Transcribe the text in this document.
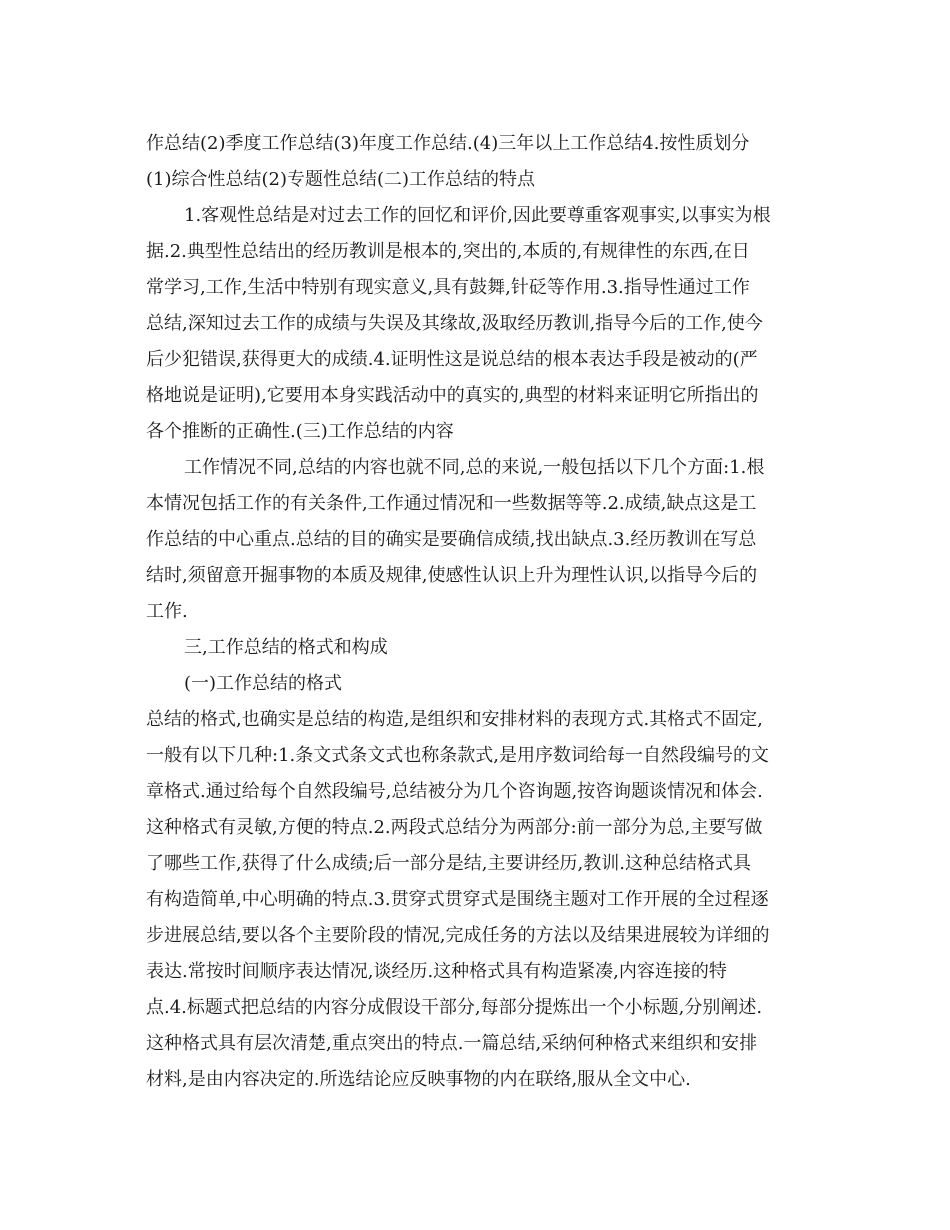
作总结(2)季度工作总结(3)年度工作总结.(4)三年以上工作总结4.按性质划分
(1)综合性总结(2)专题性总结(二)工作总结的特点
1.客观性总结是对过去工作的回忆和评价,因此要尊重客观事实,以事实为根
据.2.典型性总结出的经历教训是根本的,突出的,本质的,有规律性的东西,在日
常学习,工作,生活中特别有现实意义,具有鼓舞,针砭等作用.3.指导性通过工作
总结,深知过去工作的成绩与失误及其缘故,汲取经历教训,指导今后的工作,使今
后少犯错误,获得更大的成绩.4.证明性这是说总结的根本表达手段是被动的(严
格地说是证明),它要用本身实践活动中的真实的,典型的材料来证明它所指出的
各个推断的正确性.(三)工作总结的内容
工作情况不同,总结的内容也就不同,总的来说,一般包括以下几个方面:1.根
本情况包括工作的有关条件,工作通过情况和一些数据等等.2.成绩,缺点这是工
作总结的中心重点.总结的目的确实是要确信成绩,找出缺点.3.经历教训在写总
结时,须留意开掘事物的本质及规律,使感性认识上升为理性认识,以指导今后的
工作.
三,工作总结的格式和构成
(一)工作总结的格式
总结的格式,也确实是总结的构造,是组织和安排材料的表现方式.其格式不固定,
一般有以下几种:1.条文式条文式也称条款式,是用序数词给每一自然段编号的文
章格式.通过给每个自然段编号,总结被分为几个咨询题,按咨询题谈情况和体会.
这种格式有灵敏,方便的特点.2.两段式总结分为两部分:前一部分为总,主要写做
了哪些工作,获得了什么成绩;后一部分是结,主要讲经历,教训.这种总结格式具
有构造简单,中心明确的特点.3.贯穿式贯穿式是围绕主题对工作开展的全过程逐
步进展总结,要以各个主要阶段的情况,完成任务的方法以及结果进展较为详细的
表达.常按时间顺序表达情况,谈经历.这种格式具有构造紧凑,内容连接的特
点.4.标题式把总结的内容分成假设干部分,每部分提炼出一个小标题,分别阐述.
这种格式具有层次清楚,重点突出的特点.一篇总结,采纳何种格式来组织和安排
材料,是由内容决定的.所选结论应反映事物的内在联络,服从全文中心.
